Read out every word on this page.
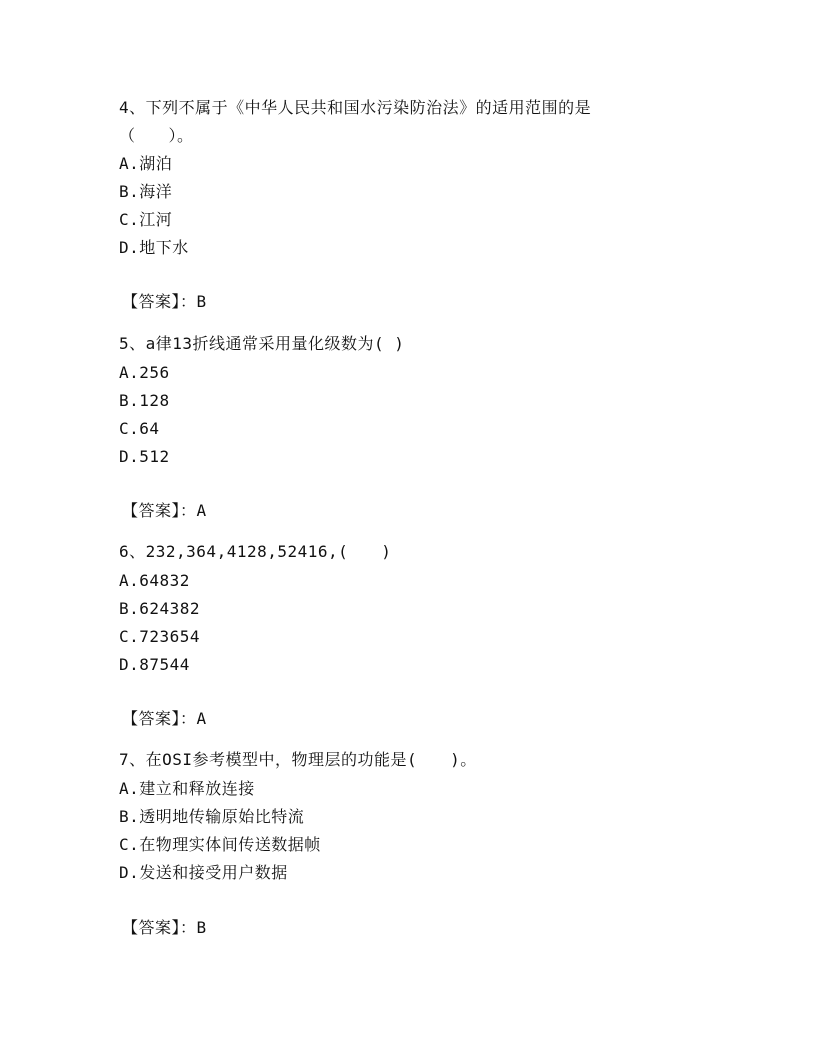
4、下列不属于《中华人民共和国水污染防治法》的适用范围的是
（　　）。
A.湖泊
B.海洋
C.江河
D.地下水
【答案】：B
5、a律13折线通常采用量化级数为( )
A.256
B.128
C.64
D.512
【答案】：A
6、232,364,4128,52416,(　　)
A.64832
B.624382
C.723654
D.87544
【答案】：A
7、在OSI参考模型中，物理层的功能是(　　)。
A.建立和释放连接
B.透明地传输原始比特流
C.在物理实体间传送数据帧
D.发送和接受用户数据
【答案】：B
